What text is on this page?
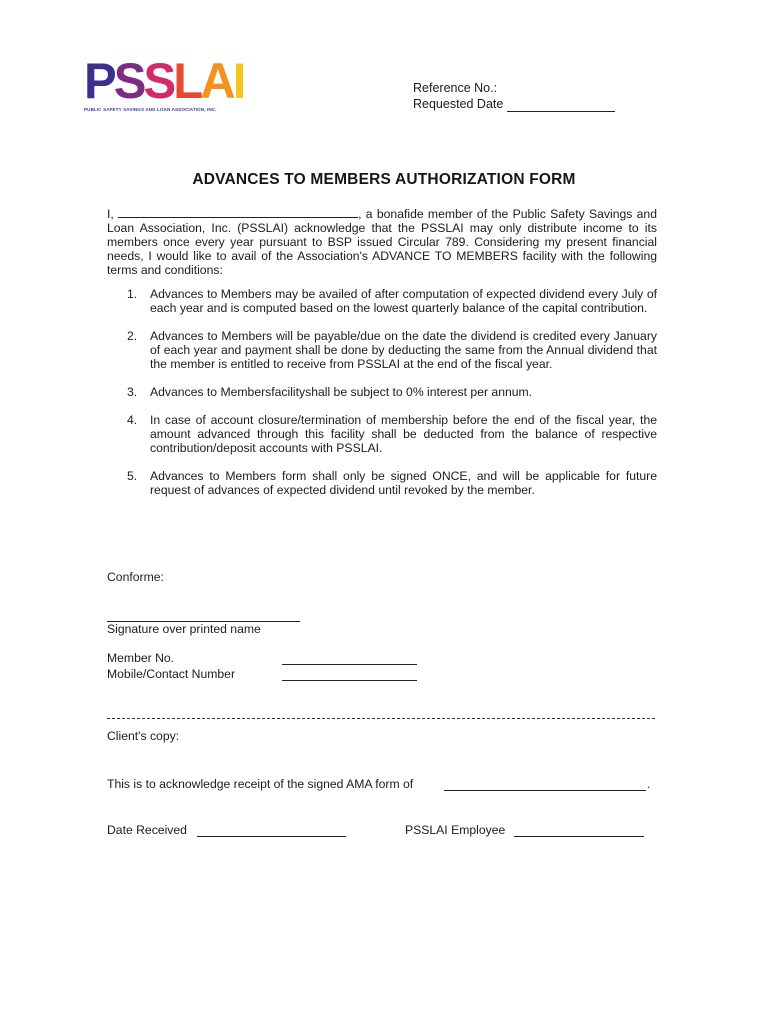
PSSLAI
PUBLIC SAFETY SAVINGS AND LOAN ASSOCIATION, INC.
Reference No.:
Requested Date
ADVANCES TO MEMBERS AUTHORIZATION FORM

I,	, a bonafide member of the Public Safety Savings and Loan Association, Inc. (PSSLAI) acknowledge that the PSSLAI may only distribute income to its members once every year pursuant to BSP issued Circular 789. Considering my present financial needs, I would like to avail of the Association's ADVANCE TO MEMBERS facility with the following terms and conditions:

1.	Advances to Members may be availed of after computation of expected dividend every July of each year and is computed based on the lowest quarterly balance of the capital contribution.
2.	Advances to Members will be payable/due on the date the dividend is credited every January of each year and payment shall be done by deducting the same from the Annual dividend that the member is entitled to receive from PSSLAI at the end of the fiscal year.
3.	Advances to Membersfacilityshall be subject to 0% interest per annum.
4.	In case of account closure/termination of membership before the end of the fiscal year, the amount advanced through this facility shall be deducted from the balance of respective contribution/deposit accounts with PSSLAI.
5.	Advances to Members form shall only be signed ONCE, and will be applicable for future request of advances of expected dividend until revoked by the member.
Conforme:
Signature over printed name
Member No.
Mobile/Contact Number
Client's copy:
This is to acknowledge receipt of the signed AMA form of	.
Date Received	PSSLAI Employee
